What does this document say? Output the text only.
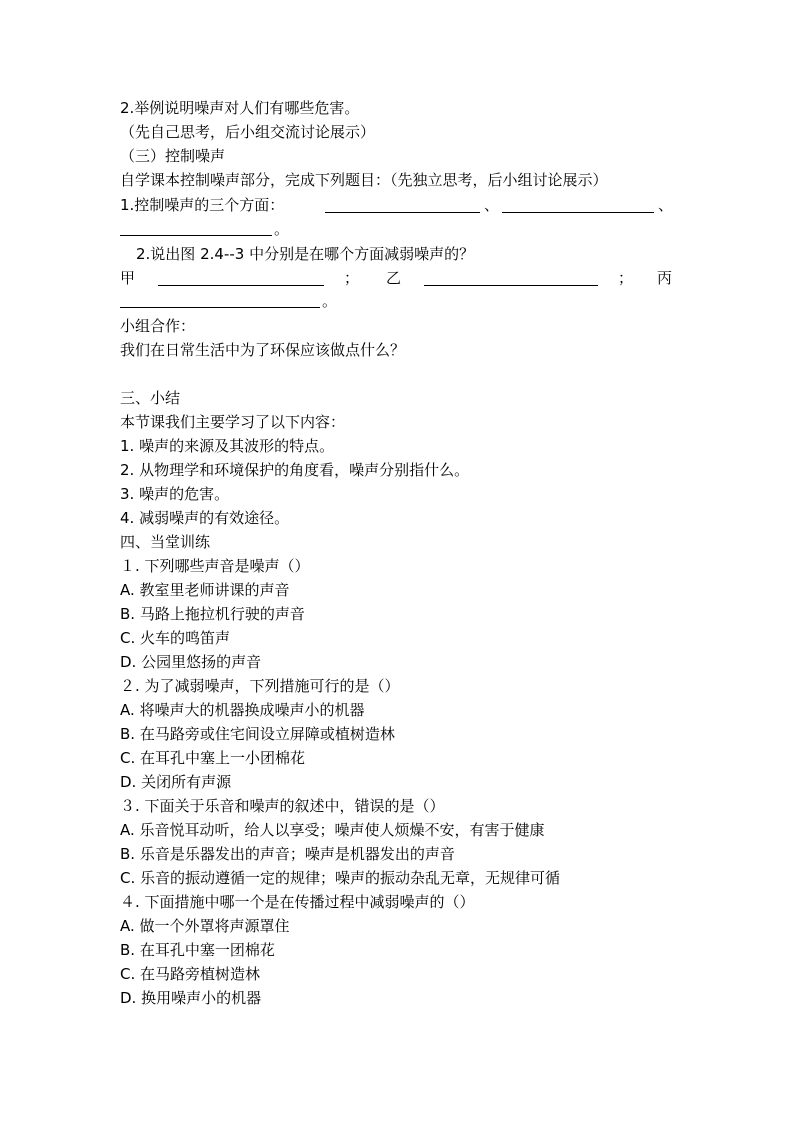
2.举例说明噪声对人们有哪些危害。
（先自己思考，后小组交流讨论展示）
（三）控制噪声
自学课本控制噪声部分，完成下列题目：（先独立思考，后小组讨论展示）
1.控制噪声的三个方面：	、	、
。
2.说出图 2.4--3 中分别是在哪个方面减弱噪声的？
甲	； 乙	； 丙
。
小组合作：
我们在日常生活中为了环保应该做点什么？
三、小结
本节课我们主要学习了以下内容：
1. 噪声的来源及其波形的特点。
2. 从物理学和环境保护的角度看，噪声分别指什么。
3. 噪声的危害。
4. 减弱噪声的有效途径。
四、当堂训练
１. 下列哪些声音是噪声（）
A. 教室里老师讲课的声音
B. 马路上拖拉机行驶的声音
C. 火车的鸣笛声
D. 公园里悠扬的声音
２. 为了减弱噪声，下列措施可行的是（）
A. 将噪声大的机器换成噪声小的机器
B. 在马路旁或住宅间设立屏障或植树造林
C. 在耳孔中塞上一小团棉花
D. 关闭所有声源
３. 下面关于乐音和噪声的叙述中，错误的是（）
A. 乐音悦耳动听，给人以享受；噪声使人烦燥不安，有害于健康
B. 乐音是乐器发出的声音；噪声是机器发出的声音
C. 乐音的振动遵循一定的规律；噪声的振动杂乱无章，无规律可循
４. 下面措施中哪一个是在传播过程中减弱噪声的（）
A. 做一个外罩将声源罩住
B. 在耳孔中塞一团棉花
C. 在马路旁植树造林
D. 换用噪声小的机器
